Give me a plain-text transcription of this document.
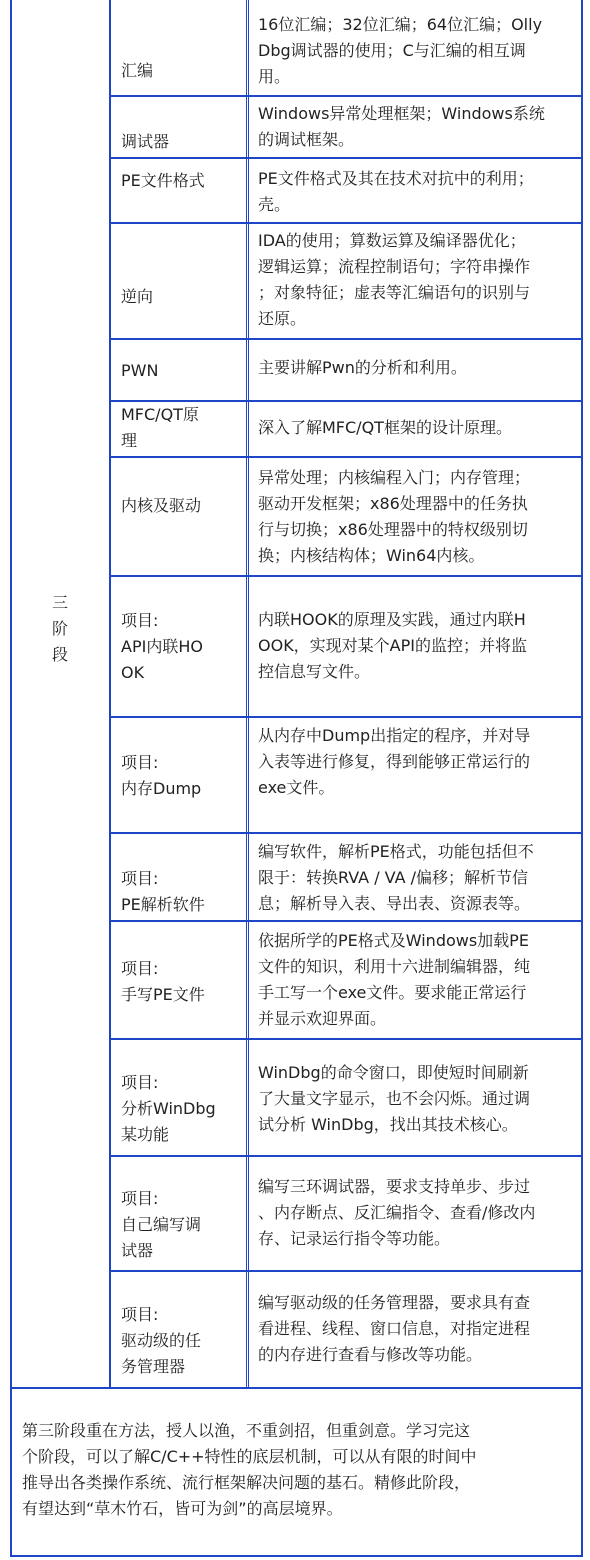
三
阶
段
汇编
16位汇编；32位汇编；64位汇编；Olly
Dbg调试器的使用；C与汇编的相互调
用。
调试器
Windows异常处理框架；Windows系统
的调试框架。
PE文件格式	PE文件格式及其在技术对抗中的利用；
壳。
逆向
IDA的使用；算数运算及编译器优化；
逻辑运算；流程控制语句；字符串操作
；对象特征；虚表等汇编语句的识别与
还原。
PWN	主要讲解Pwn的分析和利用。
MFC/QT原
理
深入了解MFC/QT框架的设计原理。
内核及驱动
异常处理；内核编程入门；内存管理；
驱动开发框架；x86处理器中的任务执
行与切换；x86处理器中的特权级别切
换；内核结构体；Win64内核。
项目:
API内联HO
OK
内联HOOK的原理及实践，通过内联H
OOK，实现对某个API的监控；并将监
控信息写文件。
项目:
内存Dump
从内存中Dump出指定的程序，并对导
入表等进行修复，得到能够正常运行的
exe文件。
项目:
PE解析软件
编写软件，解析PE格式，功能包括但不
限于：转换RVA / VA /偏移；解析节信
息；解析导入表、导出表、资源表等。
项目:
手写PE文件
依据所学的PE格式及Windows加载PE
文件的知识，利用十六进制编辑器，纯
手工写一个exe文件。要求能正常运行
并显示欢迎界面。
项目:
分析WinDbg
某功能
WinDbg的命令窗口，即使短时间刷新
了大量文字显示，也不会闪烁。通过调
试分析 WinDbg，找出其技术核心。
项目:
自己编写调
试器
编写三环调试器，要求支持单步、步过
、内存断点、反汇编指令、查看/修改内
存、记录运行指令等功能。
项目:
驱动级的任
务管理器
编写驱动级的任务管理器，要求具有查
看进程、线程、窗口信息，对指定进程
的内存进行查看与修改等功能。
第三阶段重在方法，授人以渔，不重剑招，但重剑意。学习完这
个阶段，可以了解C/C++特性的底层机制，可以从有限的时间中
推导出各类操作系统、流行框架解决问题的基石。精修此阶段，
有望达到“草木竹石，皆可为剑”的高层境界。
